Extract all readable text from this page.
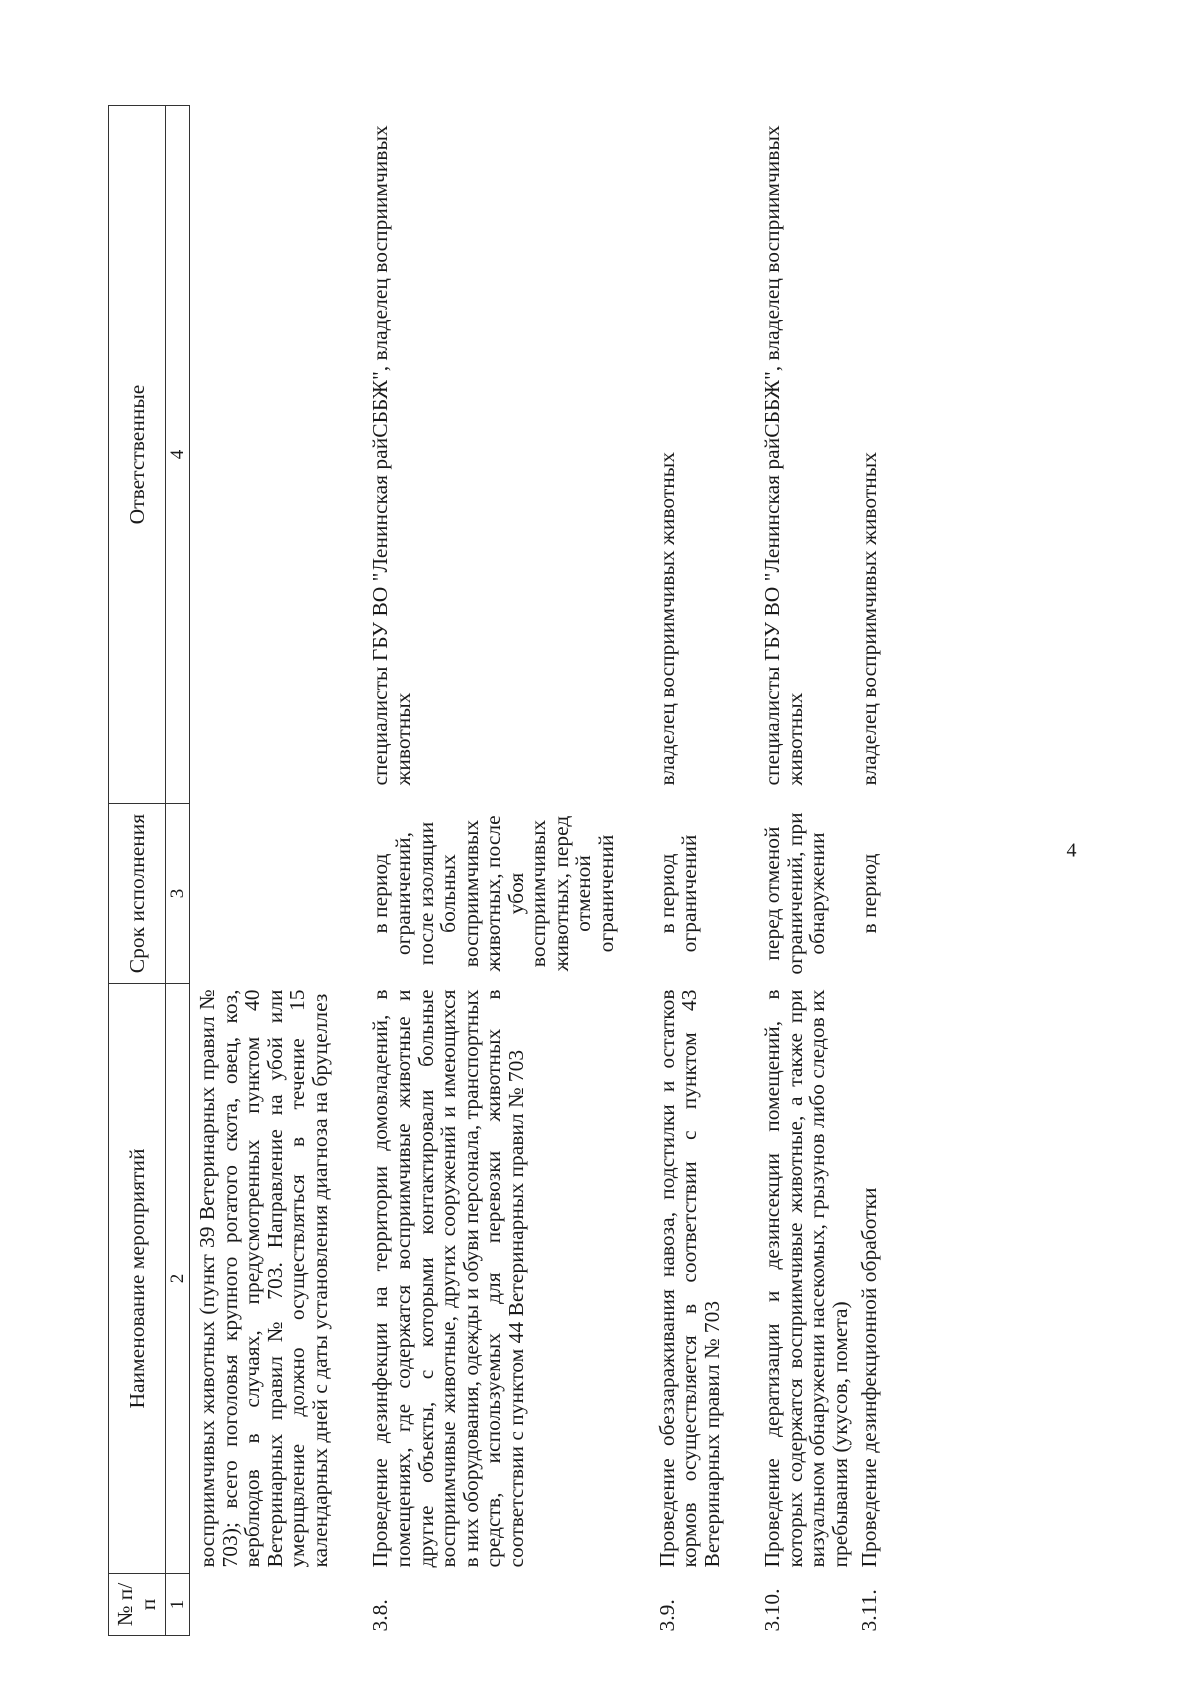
4
№ п/п	Наименование мероприятий	Срок исполнения	Ответственные
1	2	3	4
	восприимчивых животных (пункт 39 Ветеринарных правил № 703); всего поголовья крупного рогатого скота, овец, коз, верблюдов в случаях, предусмотренных пунктом 40 Ветеринарных правил № 703. Направление на убой или умерщвление должно осуществляться в течение 15 календарных дней с даты установления диагноза на бруцеллез		
3.8.	Проведение дезинфекции на территории домовладений, в помещениях, где содержатся восприимчивые животные и другие объекты, с которыми контактировали больные восприимчивые животные, других сооружений и имеющихся в них оборудования, одежды и обуви персонала, транспортных средств, используемых для перевозки животных в соответствии с пунктом 44 Ветеринарных правил № 703	в период ограничений, после изоляции больных восприимчивых животных, после убоя восприимчивых животных, перед отменой ограничений	специалисты ГБУ ВО "Ленинская райСББЖ", владелец восприимчивых животных
3.9.	Проведение обеззараживания навоза, подстилки и остатков кормов осуществляется в соответствии с пунктом 43 Ветеринарных правил № 703	в период ограничений	владелец восприимчивых животных
3.10.	Проведение дератизации и дезинсекции помещений, в которых содержатся восприимчивые животные, а также при визуальном обнаружении насекомых, грызунов либо следов их пребывания (укусов, помета)	перед отменой ограничений, при обнаружении	специалисты ГБУ ВО "Ленинская райСББЖ", владелец восприимчивых животных
3.11.	Проведение дезинфекционной обработки	в период	владелец восприимчивых животных
